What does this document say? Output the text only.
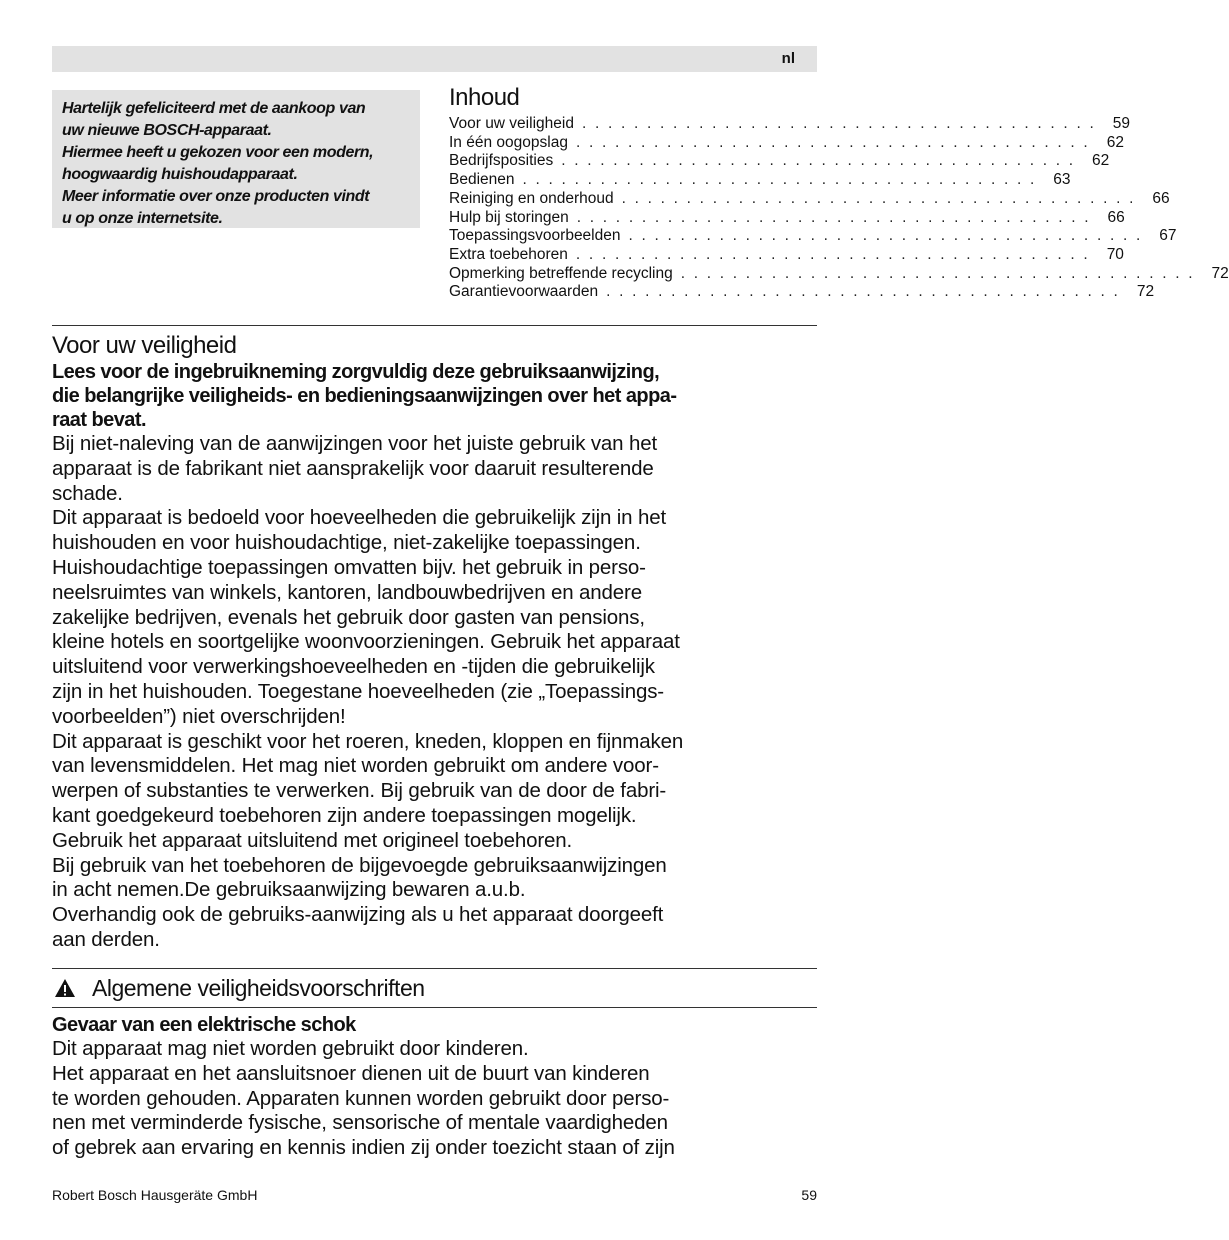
nl
Hartelijk gefeliciteerd met de aankoop van
uw nieuwe BOSCH-apparaat.
Hiermee heeft u gekozen voor een modern,
hoogwaardig huishoudapparaat.
Meer informatie over onze producten vindt
u op onze internetsite.
Inhoud
Voor uw veiligheid . . . . . . . . . . . . . . . . . . . . . . . . . . . . . . . . . . . . . . . .	59
In één oogopslag . . . . . . . . . . . . . . . . . . . . . . . . . . . . . . . . . . . . . . . .	62
Bedrijfsposities . . . . . . . . . . . . . . . . . . . . . . . . . . . . . . . . . . . . . . . .	62
Bedienen . . . . . . . . . . . . . . . . . . . . . . . . . . . . . . . . . . . . . . . .	63
Reiniging en onderhoud . . . . . . . . . . . . . . . . . . . . . . . . . . . . . . . . . . . . . . . .	66
Hulp bij storingen . . . . . . . . . . . . . . . . . . . . . . . . . . . . . . . . . . . . . . . .	66
Toepassingsvoorbeelden . . . . . . . . . . . . . . . . . . . . . . . . . . . . . . . . . . . . . . . .	67
Extra toebehoren . . . . . . . . . . . . . . . . . . . . . . . . . . . . . . . . . . . . . . . .	70
Opmerking betreffende recycling . . . . . . . . . . . . . . . . . . . . . . . . . . . . . . . . . . . . . . . .	72
Garantievoorwaarden . . . . . . . . . . . . . . . . . . . . . . . . . . . . . . . . . . . . . . . .	72
Voor uw veiligheid
Lees voor de ingebruikneming zorgvuldig deze gebruiksaanwijzing,
die belangrijke veiligheids- en bedieningsaanwijzingen over het appa-
raat bevat.
Bij niet-naleving van de aanwijzingen voor het juiste gebruik van het
apparaat is de fabrikant niet aansprakelijk voor daaruit resulterende
schade.
Dit apparaat is bedoeld voor hoeveelheden die gebruikelijk zijn in het
huishouden en voor huishoudachtige, niet-zakelijke toepassingen.
Huishoudachtige toepassingen omvatten bijv. het gebruik in perso-
neelsruimtes van winkels, kantoren, landbouwbedrijven en andere
zakelijke bedrijven, evenals het gebruik door gasten van pensions,
kleine hotels en soortgelijke woonvoorzieningen. Gebruik het apparaat
uitsluitend voor verwerkingshoeveelheden en -tijden die gebruikelijk
zijn in het huishouden. Toegestane hoeveelheden (zie „Toepassings-
voorbeelden”) niet overschrijden!
Dit apparaat is geschikt voor het roeren, kneden, kloppen en fijnmaken
van levensmiddelen. Het mag niet worden gebruikt om andere voor-
werpen of substanties te verwerken. Bij gebruik van de door de fabri-
kant goedgekeurd toebehoren zijn andere toepassingen mogelijk.
Gebruik het apparaat uitsluitend met origineel toebehoren.
Bij gebruik van het toebehoren de bijgevoegde gebruiksaanwijzingen
in acht nemen.De gebruiksaanwijzing bewaren a.u.b.
Overhandig ook de gebruiks-aanwijzing als u het apparaat doorgeeft
aan derden.
Algemene veiligheidsvoorschriften
Gevaar van een elektrische schok
Dit apparaat mag niet worden gebruikt door kinderen.
Het apparaat en het aansluitsnoer dienen uit de buurt van kinderen
te worden gehouden. Apparaten kunnen worden gebruikt door perso-
nen met verminderde fysische, sensorische of mentale vaardigheden
of gebrek aan ervaring en kennis indien zij onder toezicht staan of zijn
Robert Bosch Hausgeräte GmbH	59
